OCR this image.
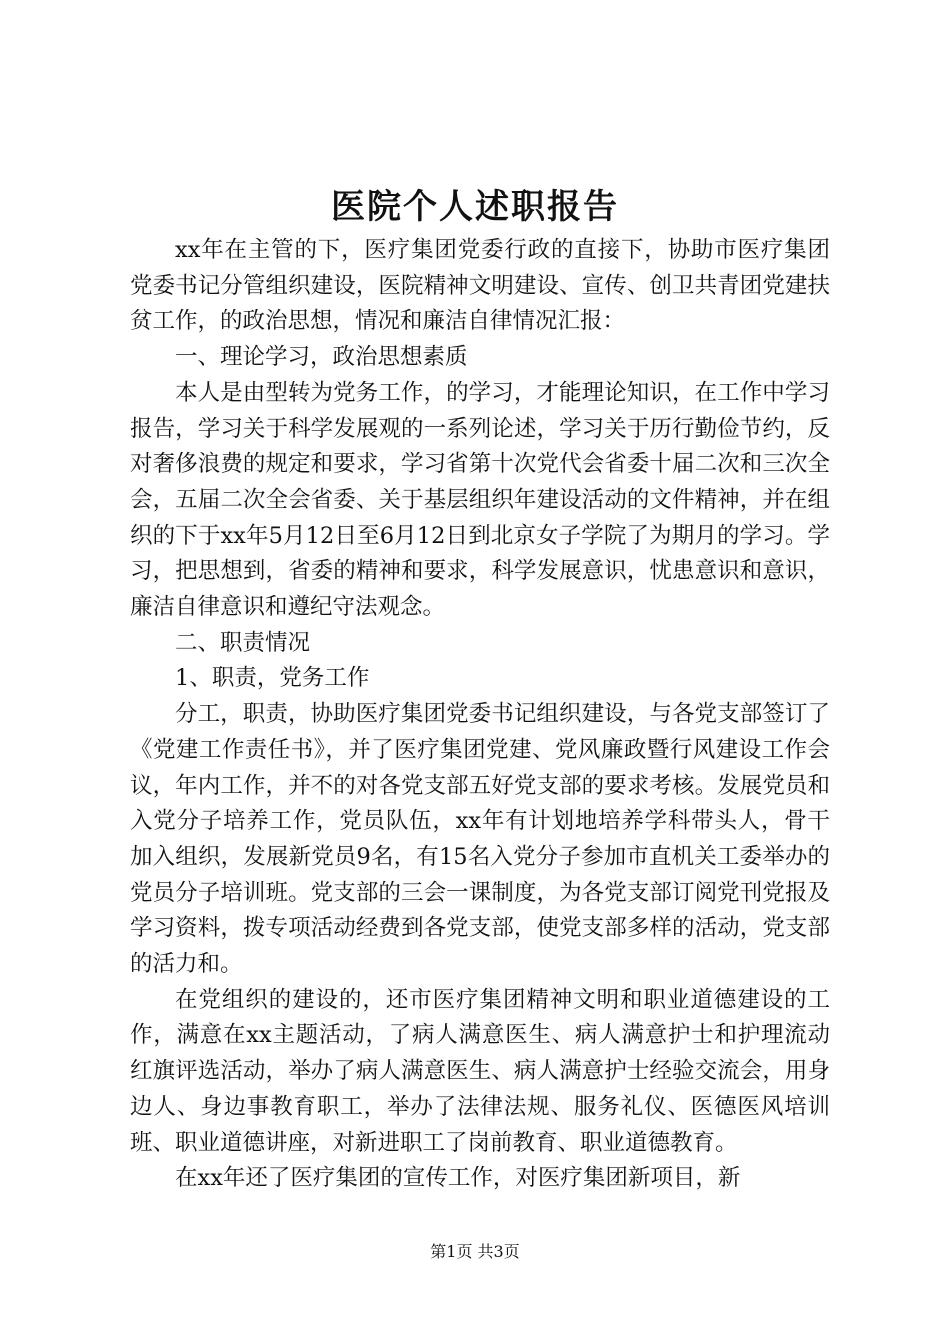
医院个人述职报告

xx年在主管的下，医疗集团党委行政的直接下，协助市医疗集团党委书记分管组织建设，医院精神文明建设、宣传、创卫共青团党建扶贫工作，的政治思想，情况和廉洁自律情况汇报：

一、理论学习，政治思想素质

本人是由型转为党务工作，的学习，才能理论知识，在工作中学习报告，学习关于科学发展观的一系列论述，学习关于历行勤俭节约，反对奢侈浪费的规定和要求，学习省第十次党代会省委十届二次和三次全会，五届二次全会省委、关于基层组织年建设活动的文件精神，并在组织的下于xx年5月12日至6月12日到北京女子学院了为期月的学习。学习，把思想到，省委的精神和要求，科学发展意识，忧患意识和意识，廉洁自律意识和遵纪守法观念。

二、职责情况

1、职责，党务工作

分工，职责，协助医疗集团党委书记组织建设，与各党支部签订了《党建工作责任书》，并了医疗集团党建、党风廉政暨行风建设工作会议，年内工作，并不的对各党支部五好党支部的要求考核。发展党员和入党分子培养工作，党员队伍，xx年有计划地培养学科带头人，骨干加入组织，发展新党员9名，有15名入党分子参加市直机关工委举办的党员分子培训班。党支部的三会一课制度，为各党支部订阅党刊党报及学习资料，拨专项活动经费到各党支部，使党支部多样的活动，党支部的活力和。

在党组织的建设的，还市医疗集团精神文明和职业道德建设的工作，满意在xx主题活动，了病人满意医生、病人满意护士和护理流动红旗评选活动，举办了病人满意医生、病人满意护士经验交流会，用身边人、身边事教育职工，举办了法律法规、服务礼仪、医德医风培训班、职业道德讲座，对新进职工了岗前教育、职业道德教育。

在xx年还了医疗集团的宣传工作，对医疗集团新项目，新

第1页 共3页
